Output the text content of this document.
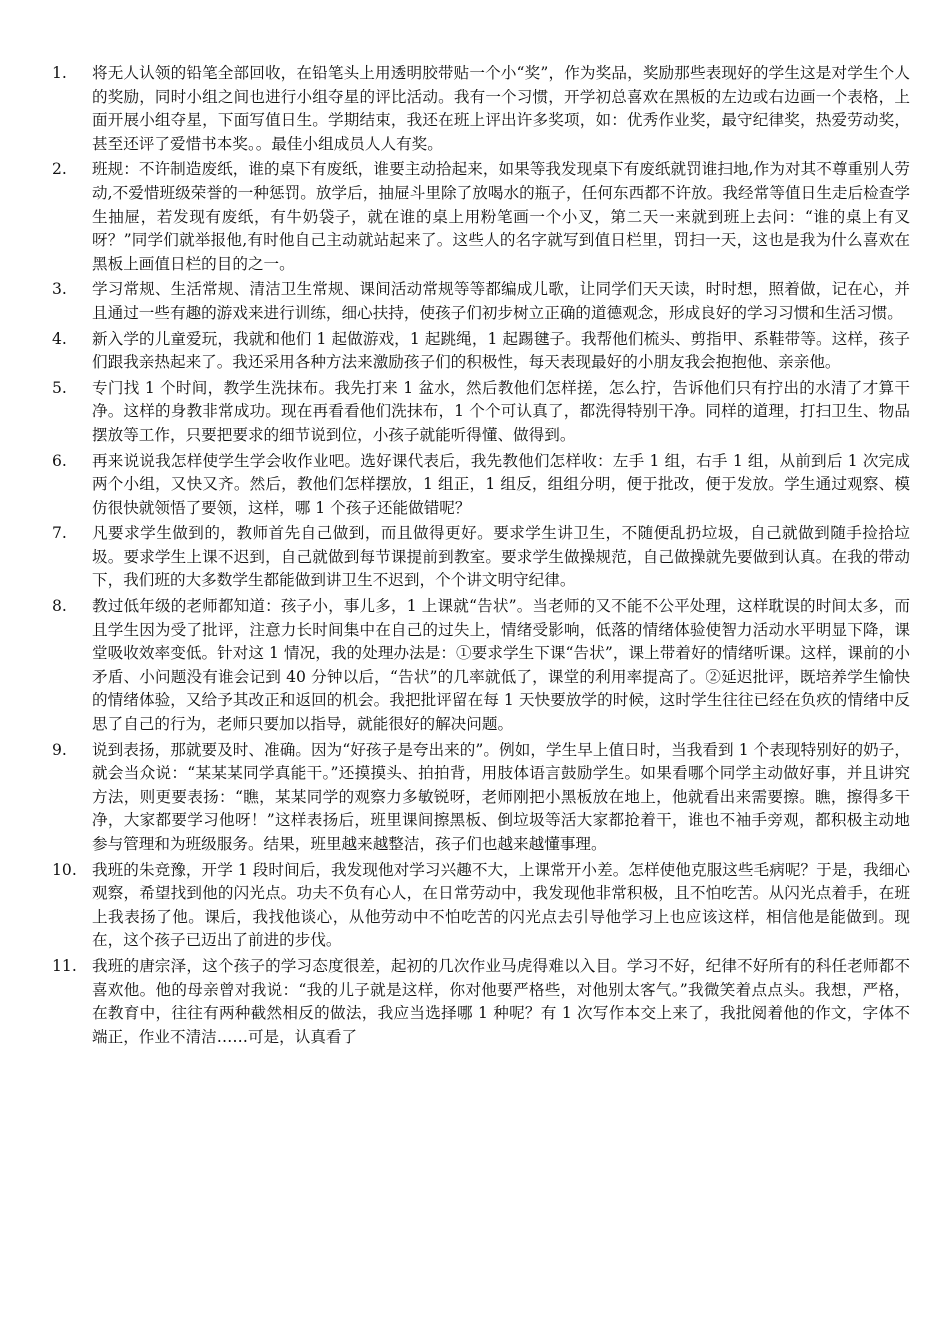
1.	将无人认领的铅笔全部回收，在铅笔头上用透明胶带贴一个小“奖”，作为奖品，奖励那些表现好的学生这是对学生个人的奖励，同时小组之间也进行小组夺星的评比活动。我有一个习惯，开学初总喜欢在黑板的左边或右边画一个表格，上面开展小组夺星，下面写值日生。学期结束，我还在班上评出许多奖项，如：优秀作业奖，最守纪律奖，热爱劳动奖，甚至还评了爱惜书本奖。。最佳小组成员人人有奖。
2.	班规：不许制造废纸，谁的桌下有废纸，谁要主动拾起来，如果等我发现桌下有废纸就罚谁扫地,作为对其不尊重别人劳动,不爱惜班级荣誉的一种惩罚。放学后，抽屉斗里除了放喝水的瓶子，任何东西都不许放。我经常等值日生走后检查学生抽屉，若发现有废纸，有牛奶袋子，就在谁的桌上用粉笔画一个小叉，第二天一来就到班上去问：“谁的桌上有叉呀？”同学们就举报他,有时他自己主动就站起来了。这些人的名字就写到值日栏里，罚扫一天，这也是我为什么喜欢在黑板上画值日栏的目的之一。
3.	学习常规、生活常规、清洁卫生常规、课间活动常规等等都编成儿歌，让同学们天天读，时时想，照着做，记在心，并且通过一些有趣的游戏来进行训练，细心扶持，使孩子们初步树立正确的道德观念，形成良好的学习习惯和生活习惯。
4.	新入学的儿童爱玩，我就和他们 1 起做游戏，1 起跳绳，1 起踢毽子。我帮他们梳头、剪指甲、系鞋带等。这样，孩子们跟我亲热起来了。我还采用各种方法来激励孩子们的积极性，每天表现最好的小朋友我会抱抱他、亲亲他。
5.	专门找 1 个时间，教学生洗抹布。我先打来 1 盆水，然后教他们怎样搓，怎么拧，告诉他们只有拧出的水清了才算干净。这样的身教非常成功。现在再看看他们洗抹布，1 个个可认真了，都洗得特别干净。同样的道理，打扫卫生、物品摆放等工作，只要把要求的细节说到位，小孩子就能听得懂、做得到。
6.	再来说说我怎样使学生学会收作业吧。选好课代表后，我先教他们怎样收：左手 1 组，右手 1 组，从前到后 1 次完成两个小组，又快又齐。然后，教他们怎样摆放，1 组正，1 组反，组组分明，便于批改，便于发放。学生通过观察、模仿很快就领悟了要领，这样，哪 1 个孩子还能做错呢？
7.	凡要求学生做到的，教师首先自己做到，而且做得更好。要求学生讲卫生，不随便乱扔垃圾，自己就做到随手捡拾垃圾。要求学生上课不迟到，自己就做到每节课提前到教室。要求学生做操规范，自己做操就先要做到认真。在我的带动下，我们班的大多数学生都能做到讲卫生不迟到，个个讲文明守纪律。
8.	教过低年级的老师都知道：孩子小，事儿多，1 上课就“告状”。当老师的又不能不公平处理，这样耽误的时间太多，而且学生因为受了批评，注意力长时间集中在自己的过失上，情绪受影响，低落的情绪体验使智力活动水平明显下降，课堂吸收效率变低。针对这 1 情况，我的处理办法是：①要求学生下课“告状”，课上带着好的情绪听课。这样，课前的小矛盾、小问题没有谁会记到 40 分钟以后，“告状”的几率就低了，课堂的利用率提高了。②延迟批评，既培养学生愉快的情绪体验，又给予其改正和返回的机会。我把批评留在每 1 天快要放学的时候，这时学生往往已经在负疚的情绪中反思了自己的行为，老师只要加以指导，就能很好的解决问题。
9.	说到表扬，那就要及时、准确。因为“好孩子是夸出来的”。例如，学生早上值日时，当我看到 1 个表现特别好的奶子，就会当众说：“某某某同学真能干。”还摸摸头、拍拍背，用肢体语言鼓励学生。如果看哪个同学主动做好事，并且讲究方法，则更要表扬：“瞧，某某同学的观察力多敏锐呀，老师刚把小黑板放在地上，他就看出来需要擦。瞧，擦得多干净，大家都要学习他呀！”这样表扬后，班里课间擦黑板、倒垃圾等活大家都抢着干，谁也不袖手旁观，都积极主动地参与管理和为班级服务。结果，班里越来越整洁，孩子们也越来越懂事理。
10. 我班的朱竞豫，开学 1 段时间后，我发现他对学习兴趣不大，上课常开小差。怎样使他克服这些毛病呢？于是，我细心观察，希望找到他的闪光点。功夫不负有心人，在日常劳动中，我发现他非常积极，且不怕吃苦。从闪光点着手，在班上我表扬了他。课后，我找他谈心，从他劳动中不怕吃苦的闪光点去引导他学习上也应该这样，相信他是能做到。现在，这个孩子已迈出了前进的步伐。
11. 我班的唐宗泽，这个孩子的学习态度很差，起初的几次作业马虎得难以入目。学习不好，纪律不好所有的科任老师都不喜欢他。他的母亲曾对我说：“我的儿子就是这样，你对他要严格些，对他别太客气。”我微笑着点点头。我想，严格，在教育中，往往有两种截然相反的做法，我应当选择哪 1 种呢？有 1 次写作本交上来了，我批阅着他的作文，字体不端正，作业不清洁……可是，认真看了
